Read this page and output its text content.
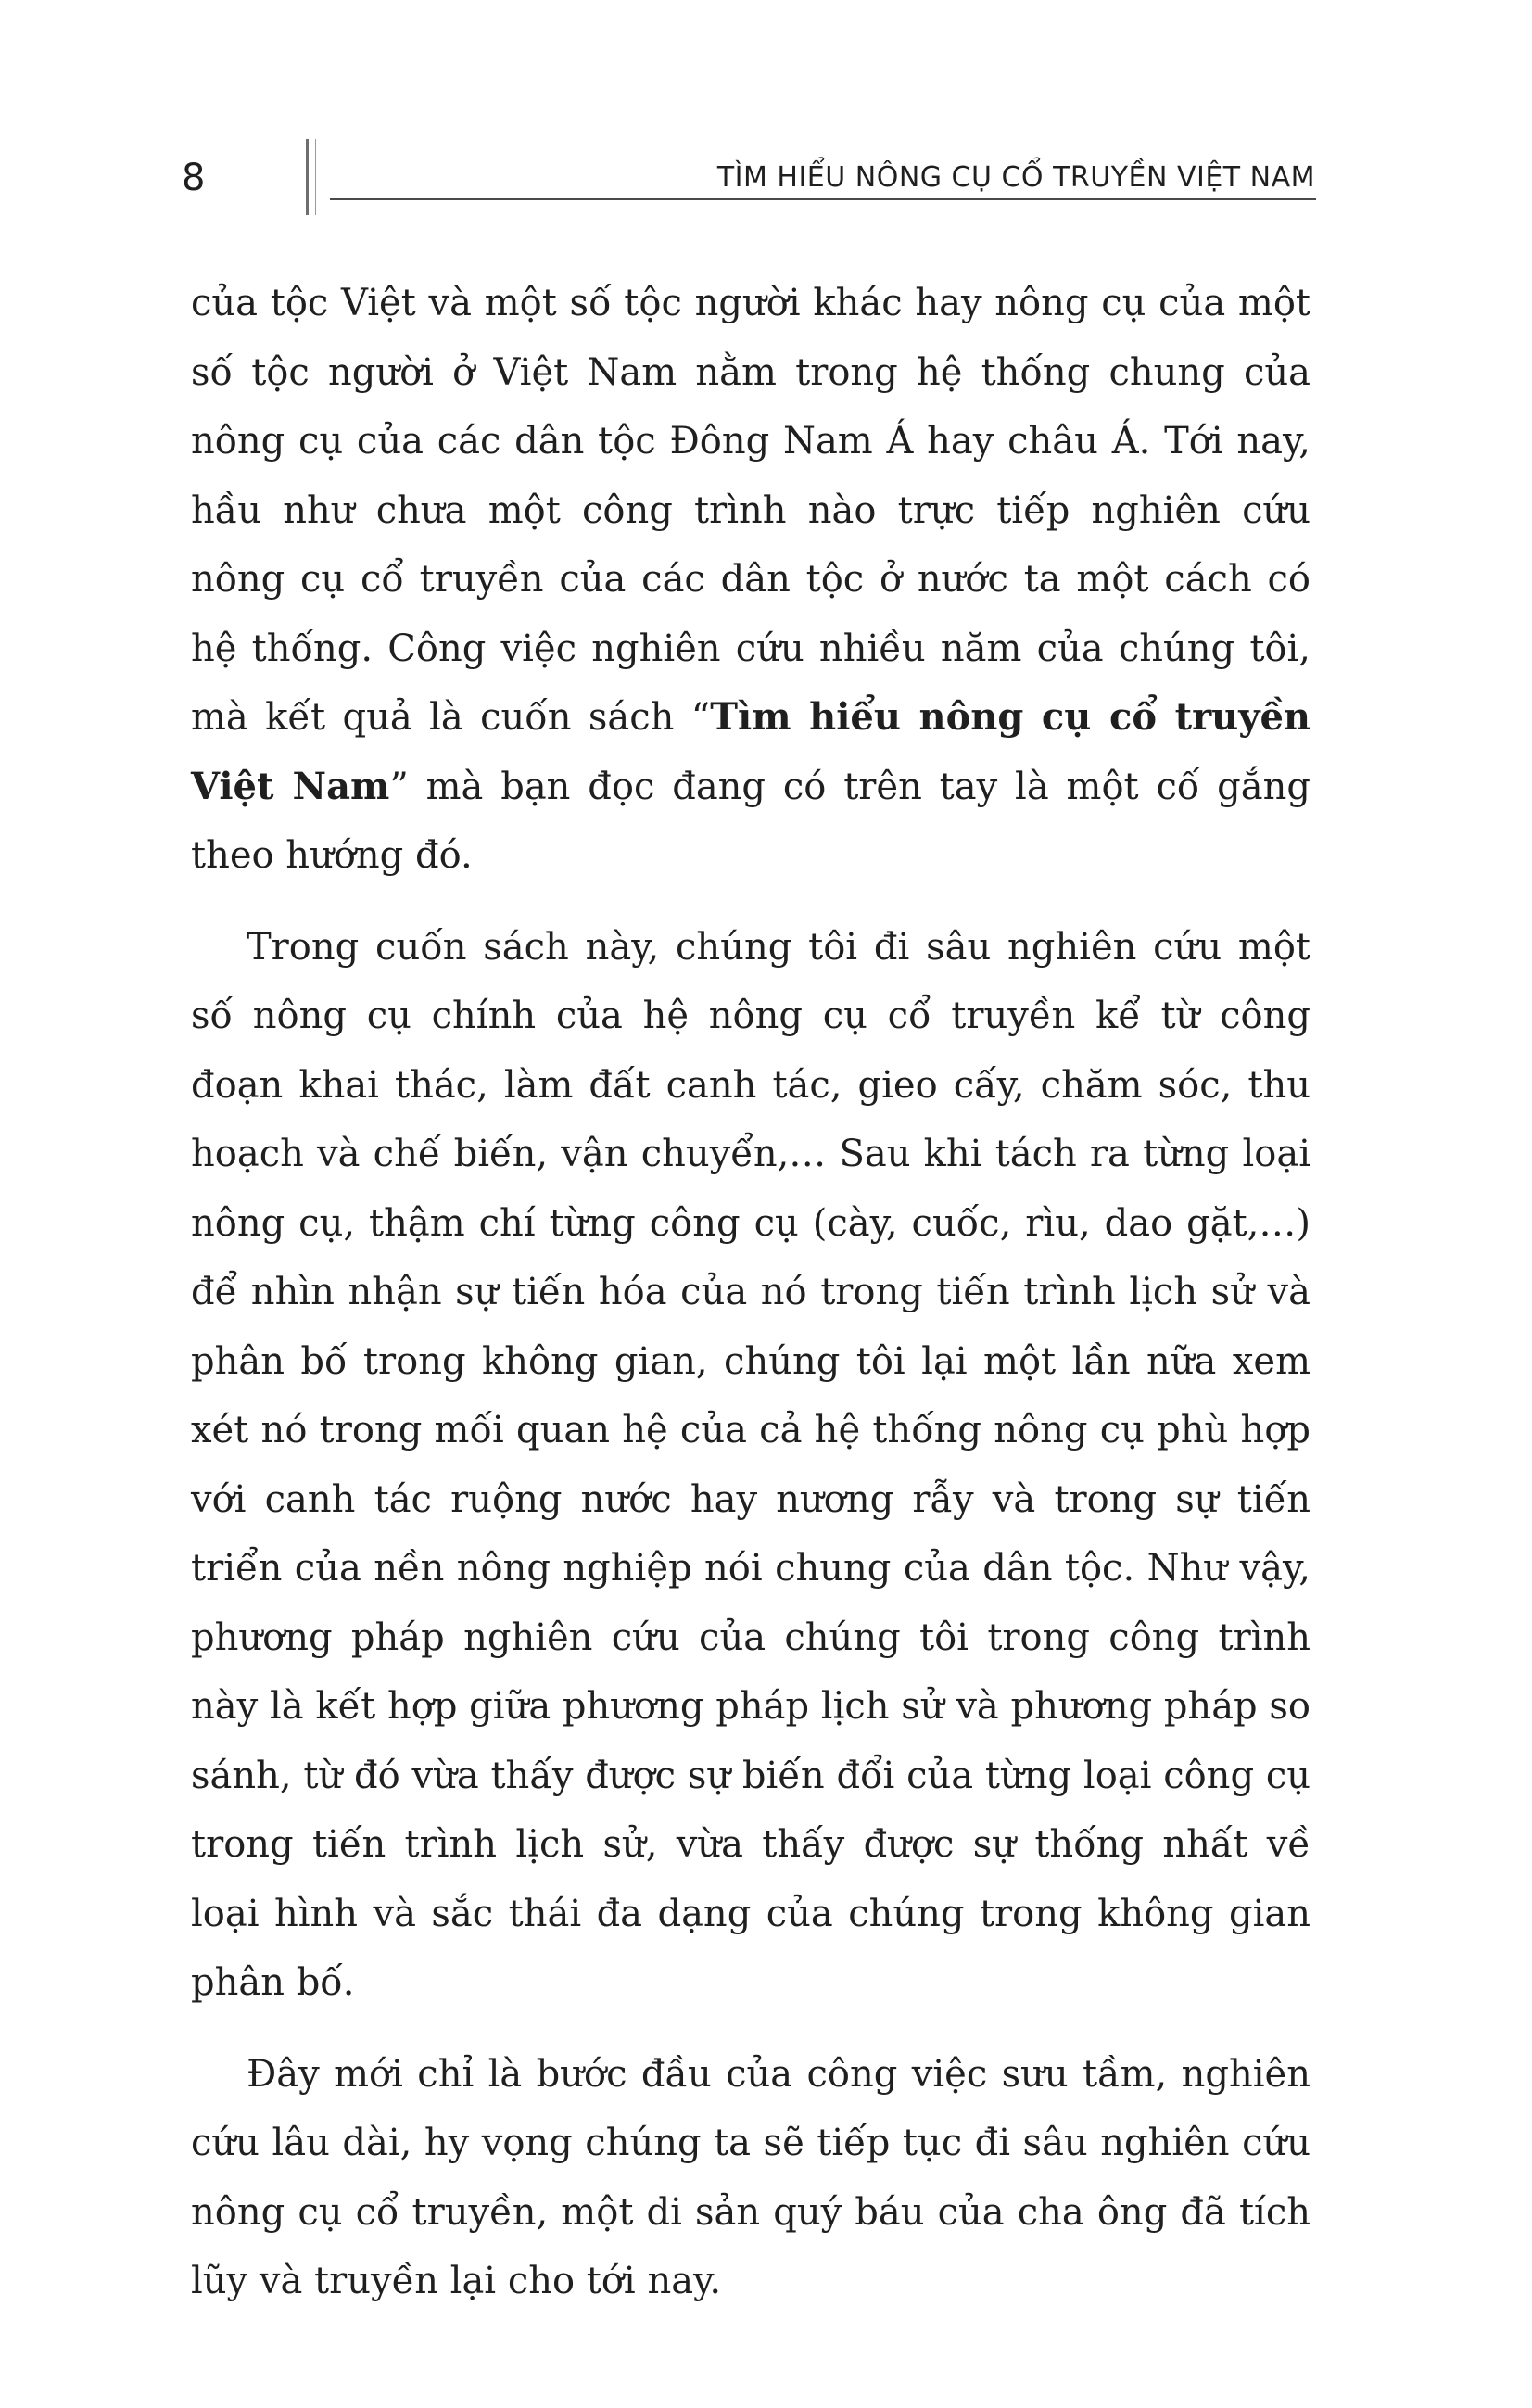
8	TÌM HIỂU NÔNG CỤ CỔ TRUYỀN VIỆT NAM

của tộc Việt và một số tộc người khác hay nông cụ của một số tộc người ở Việt Nam nằm trong hệ thống chung của nông cụ của các dân tộc Đông Nam Á hay châu Á. Tới nay, hầu như chưa một công trình nào trực tiếp nghiên cứu nông cụ cổ truyền của các dân tộc ở nước ta một cách có hệ thống. Công việc nghiên cứu nhiều năm của chúng tôi, mà kết quả là cuốn sách “Tìm hiểu nông cụ cổ truyền Việt Nam” mà bạn đọc đang có trên tay là một cố gắng theo hướng đó.

Trong cuốn sách này, chúng tôi đi sâu nghiên cứu một số nông cụ chính của hệ nông cụ cổ truyền kể từ công đoạn khai thác, làm đất canh tác, gieo cấy, chăm sóc, thu hoạch và chế biến, vận chuyển,… Sau khi tách ra từng loại nông cụ, thậm chí từng công cụ (cày, cuốc, rìu, dao gặt,…) để nhìn nhận sự tiến hóa của nó trong tiến trình lịch sử và phân bố trong không gian, chúng tôi lại một lần nữa xem xét nó trong mối quan hệ của cả hệ thống nông cụ phù hợp với canh tác ruộng nước hay nương rẫy và trong sự tiến triển của nền nông nghiệp nói chung của dân tộc. Như vậy, phương pháp nghiên cứu của chúng tôi trong công trình này là kết hợp giữa phương pháp lịch sử và phương pháp so sánh, từ đó vừa thấy được sự biến đổi của từng loại công cụ trong tiến trình lịch sử, vừa thấy được sự thống nhất về loại hình và sắc thái đa dạng của chúng trong không gian phân bố.

Đây mới chỉ là bước đầu của công việc sưu tầm, nghiên cứu lâu dài, hy vọng chúng ta sẽ tiếp tục đi sâu nghiên cứu nông cụ cổ truyền, một di sản quý báu của cha ông đã tích lũy và truyền lại cho tới nay.
